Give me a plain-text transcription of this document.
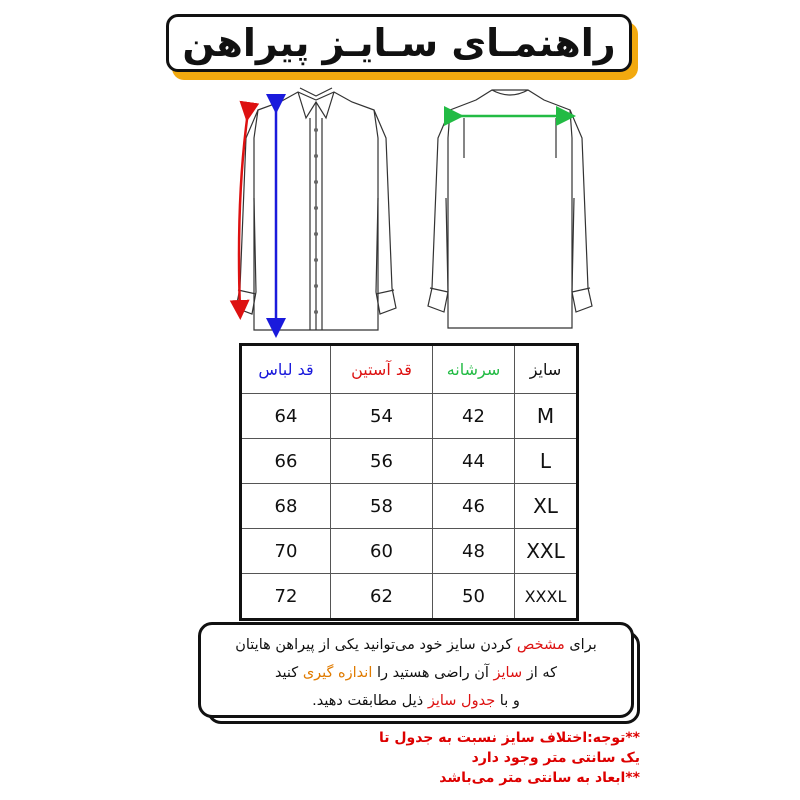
راهنمـای سـایـز پیراهن
قد لباس	قد آستین	سرشانه	سایز
64	54	42	M
66	56	44	L
68	58	46	XL
70	60	48	XXL
72	62	50	XXXL
برای مشخص کردن سایز خود می‌توانید یکی از پیراهن هایتان
که از سایز آن راضی هستید را اندازه گیری کنید
و با جدول سایز ذیل مطابقت دهید.
**توجه:اختلاف سایز نسبت به جدول تا یک سانتی متر وجود دارد
**ابعاد به سانتی متر می‌باشد
